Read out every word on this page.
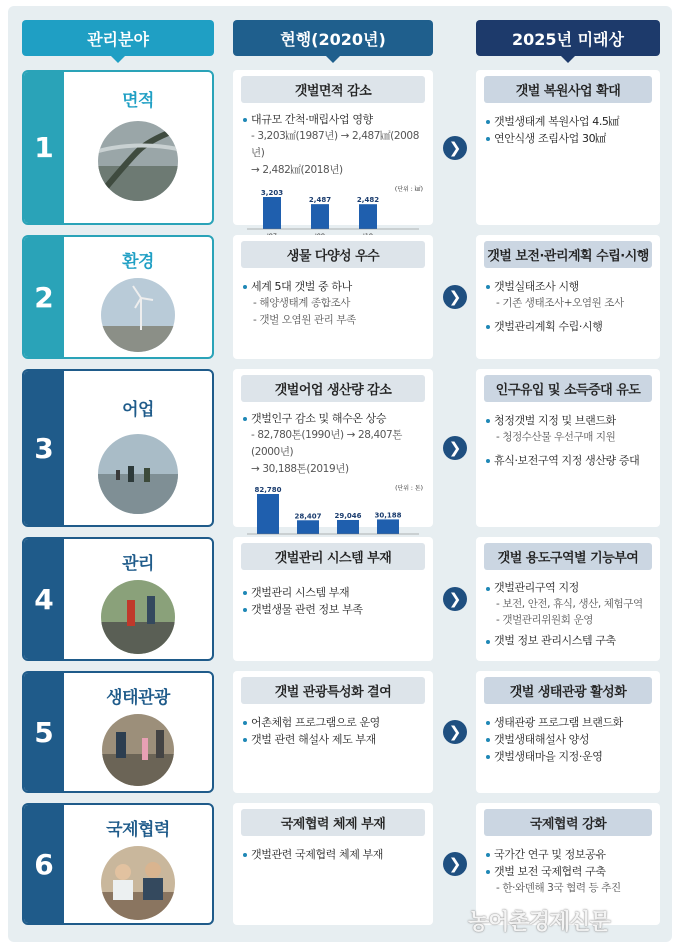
관리분야	현행(2020년)	2025년 미래상
1
면적	갯벌면적 감소
대규모 간척·매립사업 영향
- 3,203㎢(1987년) → 2,487㎢(2008년)
→ 2,482㎢(2018년)
(단위 : ㎢)
3,203
2,487	2,482
❯
갯벌 복원사업 확대
갯벌생태계 복원사업 4.5㎢
연안식생 조림사업 30㎢
2
환경	생물 다양성 우수
세계 5대 갯벌 중 하나
- 해양생태계 종합조사
- 갯벌 오염원 관리 부족
❯
갯벌 보전·관리계획 수립·시행
갯벌실태조사 시행
- 기존 생태조사+오염원 조사
갯벌관리계획 수립·시행
3
어업
갯벌어업 생산량 감소
갯벌인구 감소 및 해수온 상승
- 82,780톤(1990년) → 28,407톤(2000년)
→ 30,188톤(2019년)
(단위 : 톤)
82,780
28,407 29,046 30,188
❯
인구유입 및 소득증대 유도
청정갯벌 지정 및 브랜드화
- 청정수산물 우선구매 지원
휴식·보전구역 지정 생산량 증대
4
관리	갯벌관리 시스템 부재
갯벌관리 시스템 부재
갯벌생물 관련 정보 부족
❯
갯벌 용도구역별 기능부여
갯벌관리구역 지정
- 보전, 안전, 휴식, 생산, 체험구역
- 갯벌관리위원회 운영
갯벌 정보 관리시스템 구축
5
생태관광	갯벌 관광특성화 결여
어촌체험 프로그램으로 운영
갯벌 관련 해설사 제도 부재	❯
갯벌 생태관광 활성화
생태관광 프로그램 브랜드화
갯벌생태해설사 양성
갯벌생태마을 지정·운영
6
국제협력	국제협력 체제 부재
갯벌관련 국제협력 체제 부재	❯
국제협력 강화
국가간 연구 및 정보공유
갯벌 보전 국제협력 구축
- 한·와덴해 3국 협력 등 추진
농어촌경제신문
